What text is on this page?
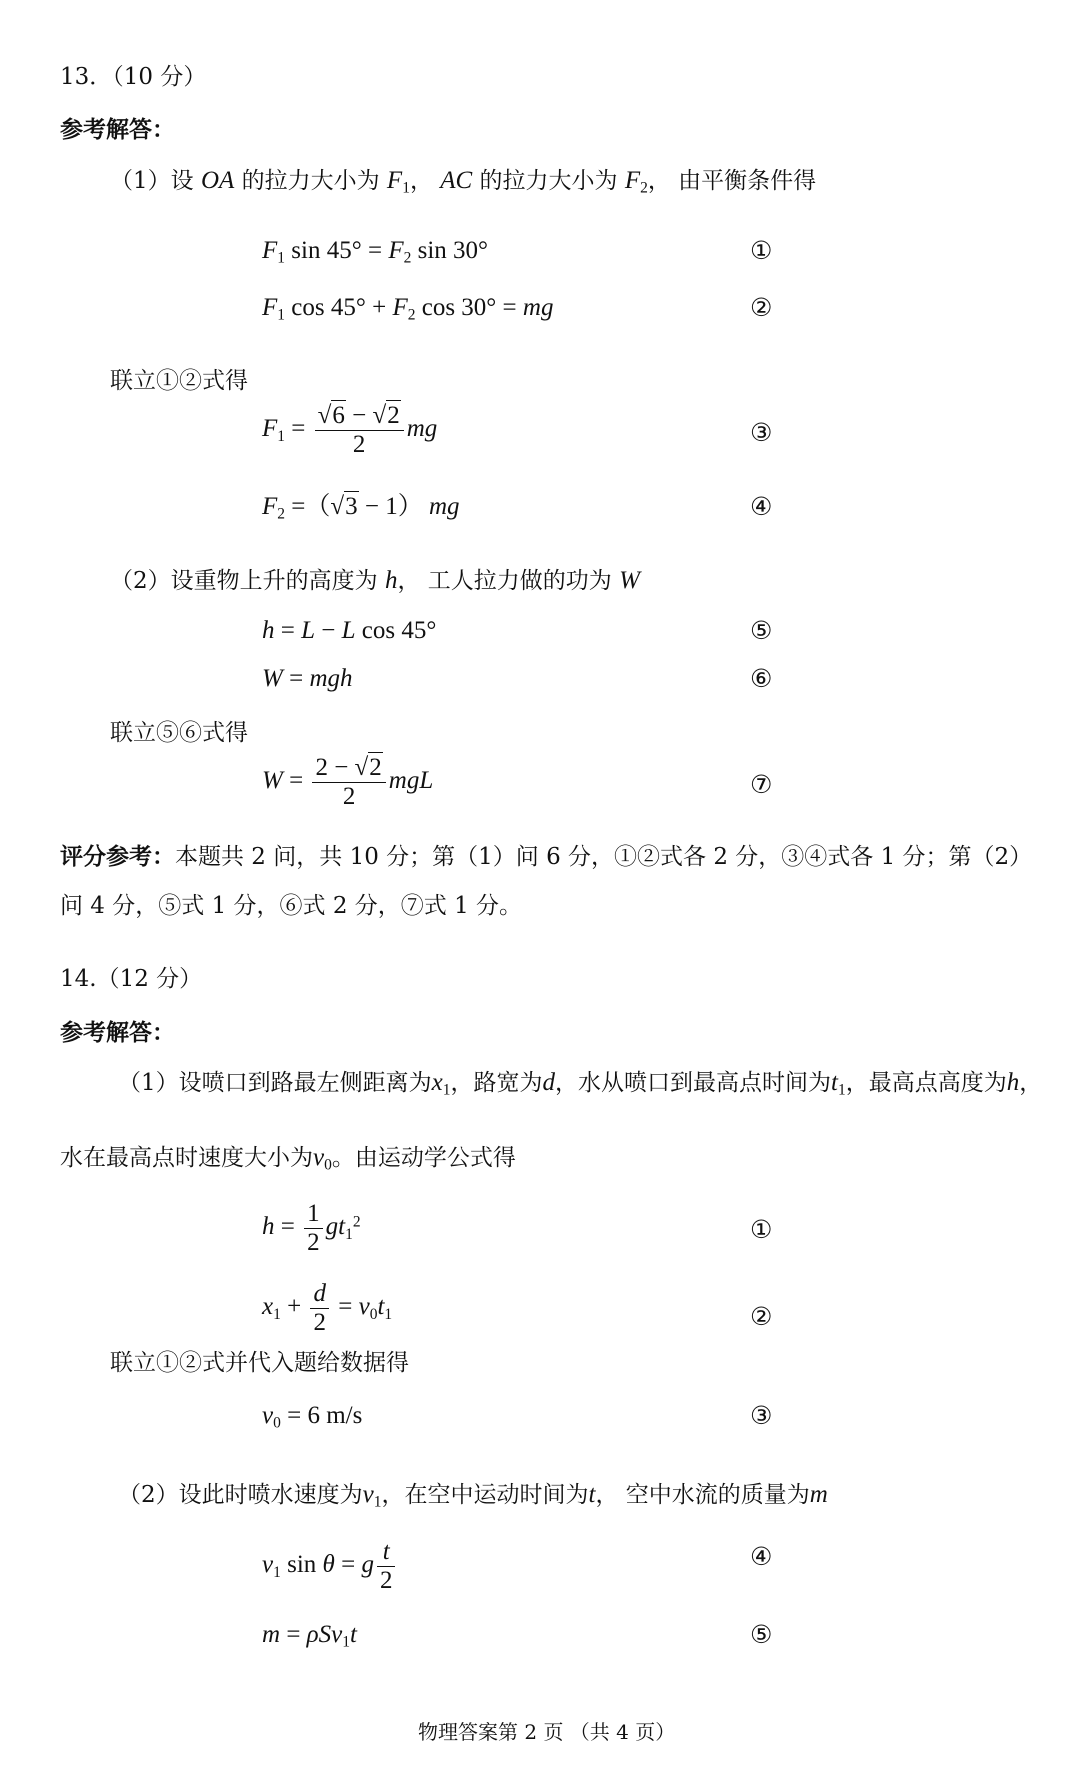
13．（10 分）
参考解答：
（1）设 OA 的拉力大小为 $F_1$， AC 的拉力大小为 $F_2$， 由平衡条件得
$F_1$ $\sin 45^\circ = F_2$ sin 30°	①
$F_1$ $\cos 45^\circ + F_2$ cos 30° = mg	②
联立①②式得
$F_1 = \frac{√6 - √2}{2}$ mg	③
$F_2 =(√3 - 1)$ mg	④
（2）设重物上升的高度为 h， 工人拉力做的功为 W
h = L − L cos 45°	⑤
W = mgh	⑥
联立⑤⑥式得
$W = \frac{2 - √2}{2}$ mgL	⑦
评分参考：本题共 2 问，共 10 分；第（1）问 6 分，①②式各 2 分，③④式各 1 分；第（2）
问 4 分，⑤式 1 分，⑥式 2 分，⑦式 1 分。
14.（12 分）
参考解答：
（1）设喷口到路最左侧距离为$x_1$，路宽为d，水从喷口到最高点时间为$t_1$，最高点高度为h，
水在最高点时速度大小为$v_0$。由运动学公式得
$h = \frac{1}{2} gt_1^2$	①
$x_1 + \frac{d}{2} = v_0t_1$	②
联立①②式并代入题给数据得
$v_0 = 6$ m/s	③
（2）设此时喷水速度为$v_1$，在空中运动时间为t， 空中水流的质量为m
$v_1$ sin θ = g $\frac{t}{2}$	④
m = ρSv$_1$t	⑤
物理答案第 2 页 （共 4 页）
